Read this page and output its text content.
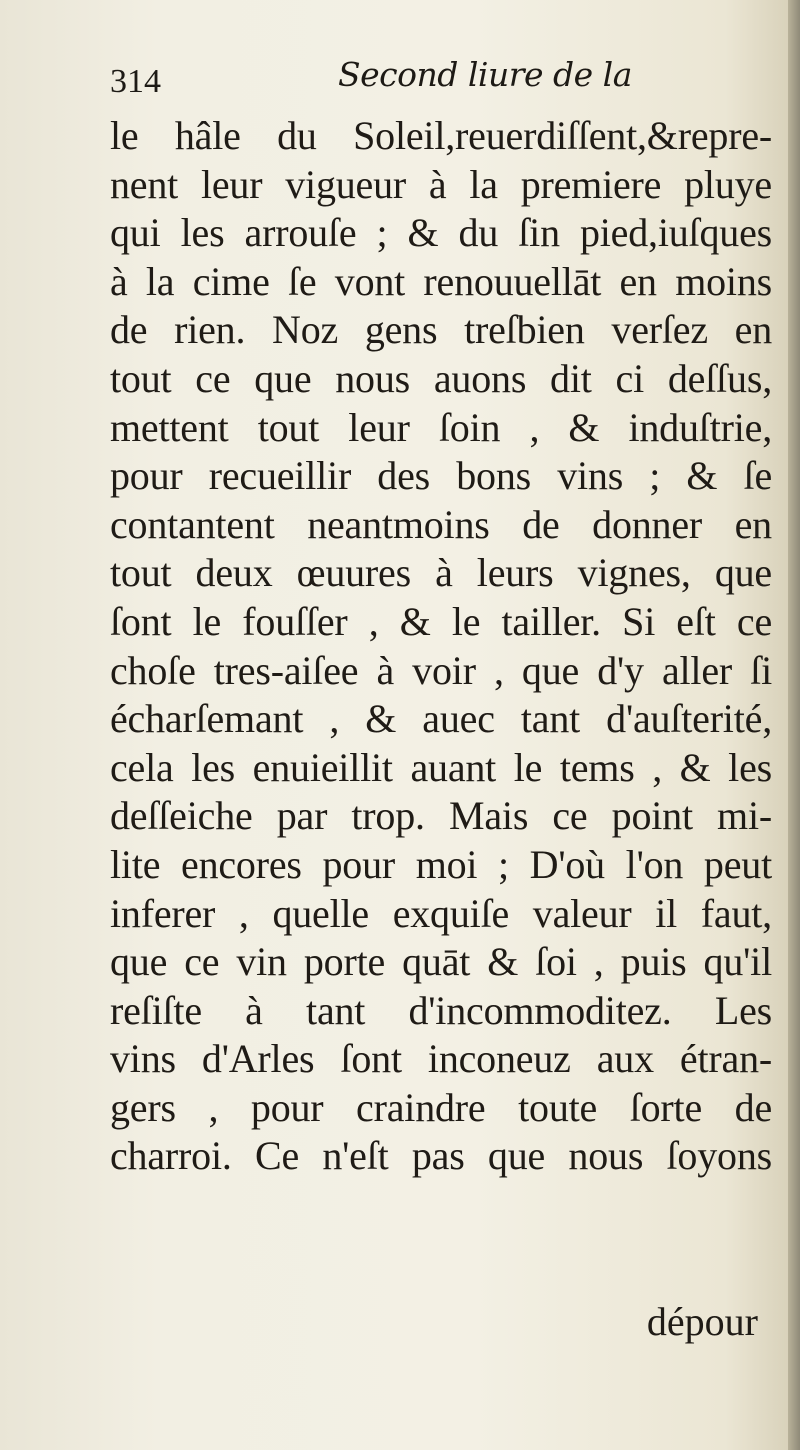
314	Second liure de la
le hâle du Soleil,reuerdiſſent,&repre-
nent leur vigueur à la premiere pluye
qui les arrouſe ; & du ſin pied,iuſques
à la cime ſe vont renouuellāt en moins
de rien. Noz gens treſbien verſez en
tout ce que nous auons dit ci deſſus,
mettent tout leur ſoin , & induſtrie,
pour recueillir des bons vins ; & ſe
contantent neantmoins de donner en
tout deux œuures à leurs vignes, que
ſont le fouſſer , & le tailler. Si eſt ce
choſe tres-aiſee à voir , que d'y aller ſi
écharſemant , & auec tant d'auſterité,
cela les enuieillit auant le tems , & les
deſſeiche par trop. Mais ce point mi-
lite encores pour moi ; D'où l'on peut
inferer , quelle exquiſe valeur il faut,
que ce vin porte quāt & ſoi , puis qu'il
reſiſte à tant d'incommoditez. Les
vins d'Arles ſont inconeuz aux étran-
gers , pour craindre toute ſorte de
charroi. Ce n'eſt pas que nous ſoyons
dépour
